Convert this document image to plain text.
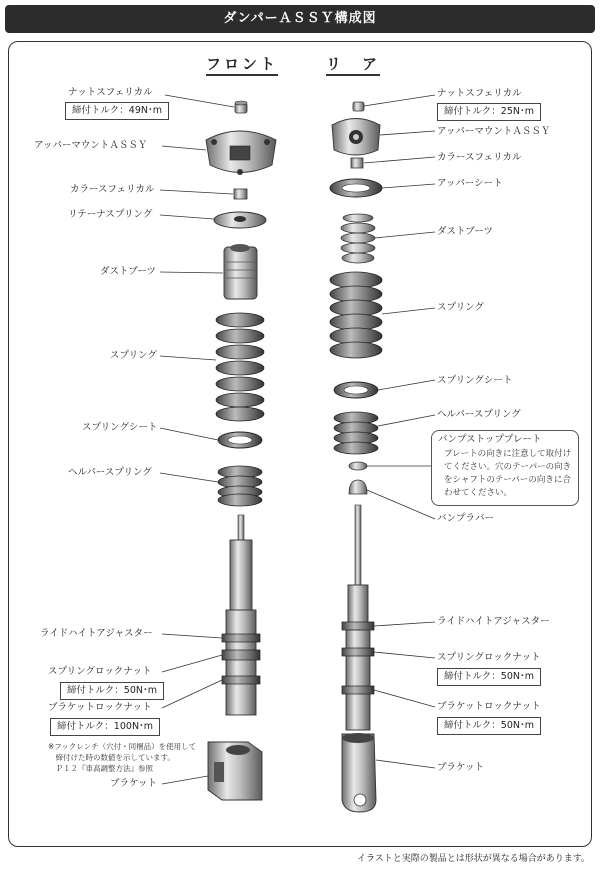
ダンパーＡＳＳＹ構成図
フロント	リ　ア
ナットスフェリカル
締付トルク：49N･m
アッパーマウントＡＳＳＹ
カラースフェリカル
リテーナスプリング
ダストブーツ
スプリング
スプリングシート
ヘルパースプリング
ライドハイトアジャスター
スプリングロックナット
締付トルク：50N･m
ブラケットロックナット
締付トルク：100N･m
※フックレンチ（穴付・同梱品）を使用して
　締付けた時の数値を示しています。
　Ｐ１２『車高調整方法』参照
ブラケット
ナットスフェリカル
締付トルク：25N･m
アッパーマウントＡＳＳＹ
カラースフェリカル
アッパーシート
ダストブーツ
スプリング
スプリングシート
ヘルパースプリング
バンプストッププレート
プレートの向きに注意して取付けてください。穴のテーパーの向きをシャフトのテーパーの向きに合わせてください。
バンプラバー
ライドハイトアジャスター
スプリングロックナット
締付トルク：50N･m
ブラケットロックナット
締付トルク：50N･m
ブラケット
イラストと実際の製品とは形状が異なる場合があります。
